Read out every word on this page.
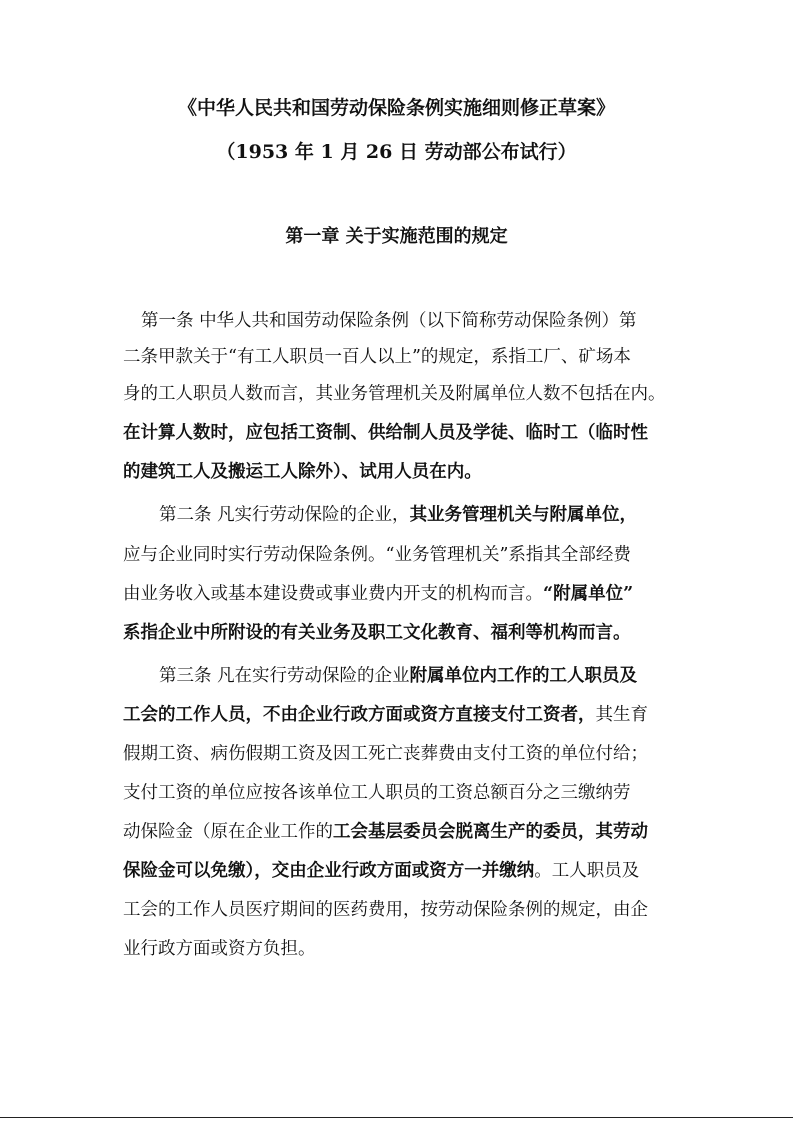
《中华人民共和国劳动保险条例实施细则修正草案》
（1953 年 1 月 26 日 劳动部公布试行）
第一章 关于实施范围的规定
第一条 中华人共和国劳动保险条例（以下简称劳动保险条例）第
二条甲款关于“有工人职员一百人以上”的规定，系指工厂、矿场本
身的工人职员人数而言，其业务管理机关及附属单位人数不包括在内。
在计算人数时，应包括工资制、供给制人员及学徒、临时工（临时性
的建筑工人及搬运工人除外）、试用人员在内。
第二条 凡实行劳动保险的企业，其业务管理机关与附属单位，
应与企业同时实行劳动保险条例。“业务管理机关”系指其全部经费
由业务收入或基本建设费或事业费内开支的机构而言。“附属单位”
系指企业中所附设的有关业务及职工文化教育、福利等机构而言。
第三条 凡在实行劳动保险的企业附属单位内工作的工人职员及
工会的工作人员，不由企业行政方面或资方直接支付工资者，其生育
假期工资、病伤假期工资及因工死亡丧葬费由支付工资的单位付给；
支付工资的单位应按各该单位工人职员的工资总额百分之三缴纳劳
动保险金（原在企业工作的工会基层委员会脱离生产的委员，其劳动
保险金可以免缴），交由企业行政方面或资方一并缴纳。工人职员及
工会的工作人员医疗期间的医药费用，按劳动保险条例的规定，由企
业行政方面或资方负担。
